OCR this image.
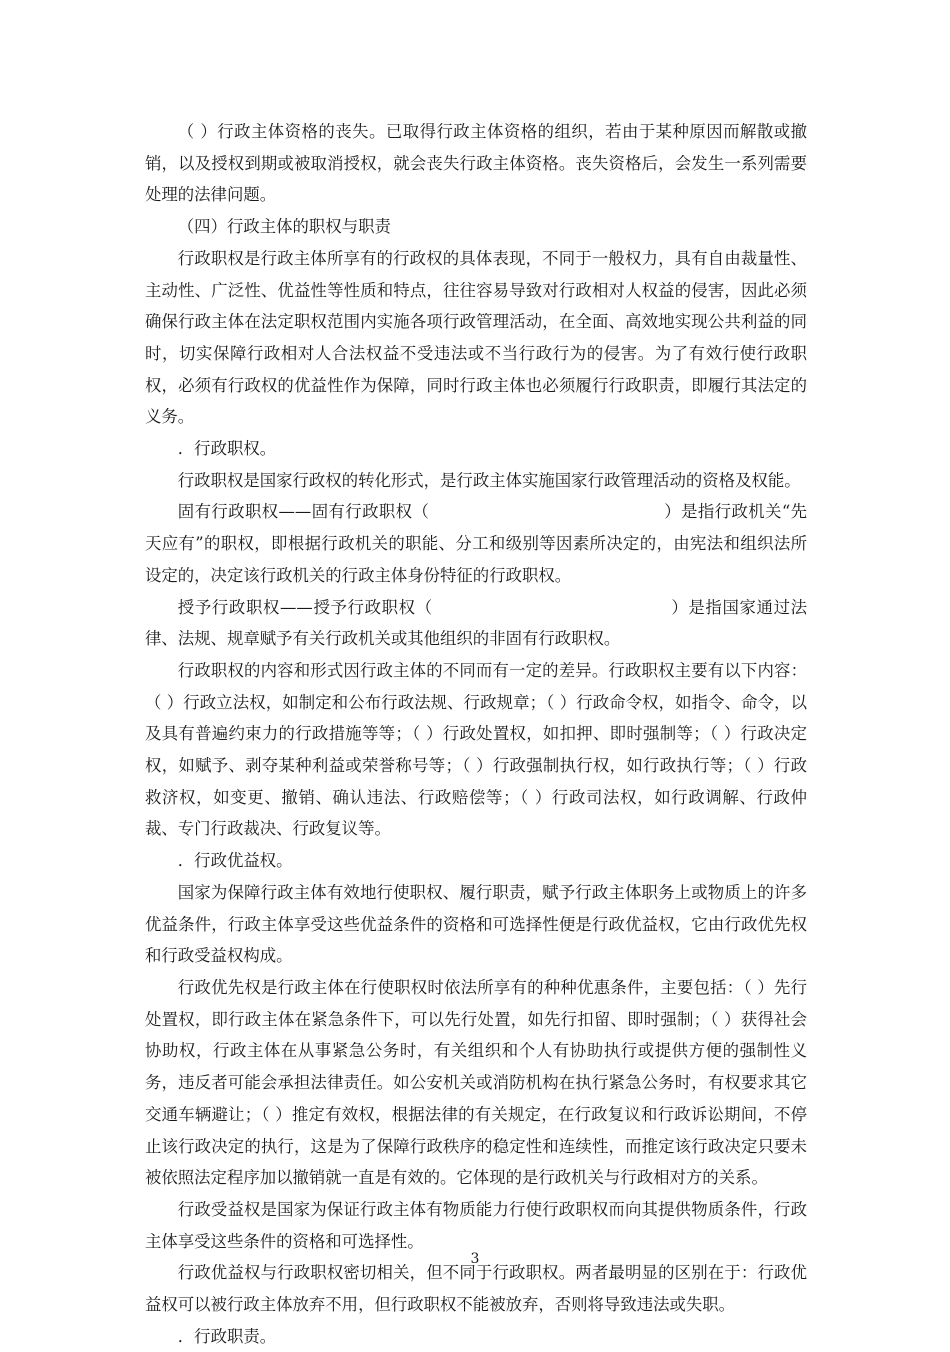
（ ）行政主体资格的丧失。已取得行政主体资格的组织，若由于某种原因而解散或撤销，以及授权到期或被取消授权，就会丧失行政主体资格。丧失资格后，会发生一系列需要处理的法律问题。

（四）行政主体的职权与职责

行政职权是行政主体所享有的行政权的具体表现，不同于一般权力，具有自由裁量性、主动性、广泛性、优益性等性质和特点，往往容易导致对行政相对人权益的侵害，因此必须确保行政主体在法定职权范围内实施各项行政管理活动，在全面、高效地实现公共利益的同时，切实保障行政相对人合法权益不受违法或不当行政行为的侵害。为了有效行使行政职权，必须有行政权的优益性作为保障，同时行政主体也必须履行行政职责，即履行其法定的义务。

．行政职权。

行政职权是国家行政权的转化形式，是行政主体实施国家行政管理活动的资格及权能。

固有行政职权——固有行政职权（　　　　　　　　　　　　　　）是指行政机关“先天应有”的职权，即根据行政机关的职能、分工和级别等因素所决定的，由宪法和组织法所设定的，决定该行政机关的行政主体身份特征的行政职权。

授予行政职权——授予行政职权（　　　　　　　　　　　　　　）是指国家通过法律、法规、规章赋予有关行政机关或其他组织的非固有行政职权。

行政职权的内容和形式因行政主体的不同而有一定的差异。行政职权主要有以下内容：（ ）行政立法权，如制定和公布行政法规、行政规章；（ ）行政命令权，如指令、命令，以及具有普遍约束力的行政措施等等；（ ）行政处置权，如扣押、即时强制等；（ ）行政决定权，如赋予、剥夺某种利益或荣誉称号等；（ ）行政强制执行权，如行政执行等；（ ）行政救济权，如变更、撤销、确认违法、行政赔偿等；（ ）行政司法权，如行政调解、行政仲裁、专门行政裁决、行政复议等。

．行政优益权。

国家为保障行政主体有效地行使职权、履行职责，赋予行政主体职务上或物质上的许多优益条件，行政主体享受这些优益条件的资格和可选择性便是行政优益权，它由行政优先权和行政受益权构成。

行政优先权是行政主体在行使职权时依法所享有的种种优惠条件，主要包括：（ ）先行处置权，即行政主体在紧急条件下，可以先行处置，如先行扣留、即时强制；（ ）获得社会协助权，行政主体在从事紧急公务时，有关组织和个人有协助执行或提供方便的强制性义务，违反者可能会承担法律责任。如公安机关或消防机构在执行紧急公务时，有权要求其它交通车辆避让；（ ）推定有效权，根据法律的有关规定，在行政复议和行政诉讼期间，不停止该行政决定的执行，这是为了保障行政秩序的稳定性和连续性，而推定该行政决定只要未被依照法定程序加以撤销就一直是有效的。它体现的是行政机关与行政相对方的关系。

行政受益权是国家为保证行政主体有物质能力行使行政职权而向其提供物质条件，行政主体享受这些条件的资格和可选择性。

行政优益权与行政职权密切相关，但不同于行政职权。两者最明显的区别在于：行政优益权可以被行政主体放弃不用，但行政职权不能被放弃，否则将导致违法或失职。

．行政职责。

3
